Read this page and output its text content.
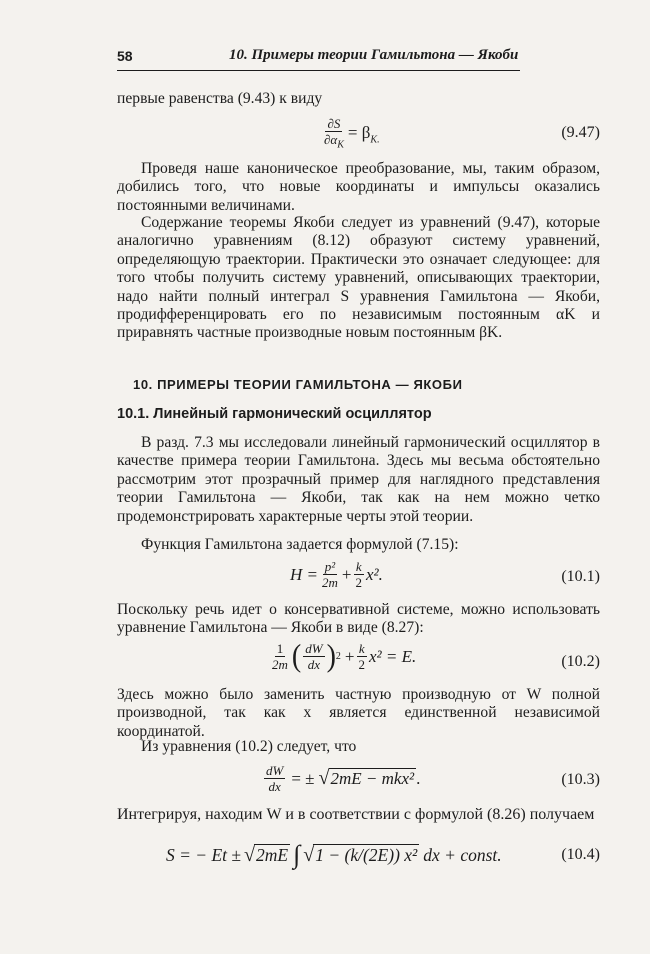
58	10. Примеры теории Гамильтона — Якоби
первые равенства (9.43) к виду
$\frac{\partial S}{\partial\alpha_K} = \beta_{K.}$	(9.47)
Проведя наше каноническое преобразование, мы, таким образом, добились того, что новые координаты и импульсы оказались постоянными величинами.
Содержание теоремы Якоби следует из уравнений (9.47), которые аналогично уравнениям (8.12) образуют систему уравнений, определяющую траектории. Практически это означает следующее: для того чтобы получить систему уравнений, описывающих траектории, надо найти полный интеграл S уравнения Гамильтона — Якоби, продифференцировать его по независимым постоянным αK и приравнять частные производные новым постоянным βK.
10. ПРИМЕРЫ ТЕОРИИ ГАМИЛЬТОНА — ЯКОБИ
10.1. Линейный гармонический осциллятор
В разд. 7.3 мы исследовали линейный гармонический осциллятор в качестве примера теории Гамильтона. Здесь мы весьма обстоятельно рассмотрим этот прозрачный пример для наглядного представления теории Гамильтона — Якоби, так как на нем можно четко продемонстрировать характерные черты этой теории.
Функция Гамильтона задается формулой (7.15):
$H = \frac{\text{p²}}{2m} + \frac{k}{2} x^2$.	(10.1)
Поскольку речь идет о консервативной системе, можно использовать уравнение Гамильтона — Якоби в виде (8.27):
$\frac{1}{2m}$ ( $\frac{dW}{dx}$ ) $2 + \frac{k}{2} x^2 = E$.	(10.2)
Здесь можно было заменить частную производную от W полной производной, так как x является единственной независимой координатой.
Из уравнения (10.2) следует, что
$\frac{dW}{dx}$ = ± √ 2mE − mkx² .	(10.3)
Интегрируя, находим W и в соответствии с формулой (8.26) получаем
S = − Et ± √ 2mE ∫ √ 1 − (k/(2E)) x² dx + const.	(10.4)
